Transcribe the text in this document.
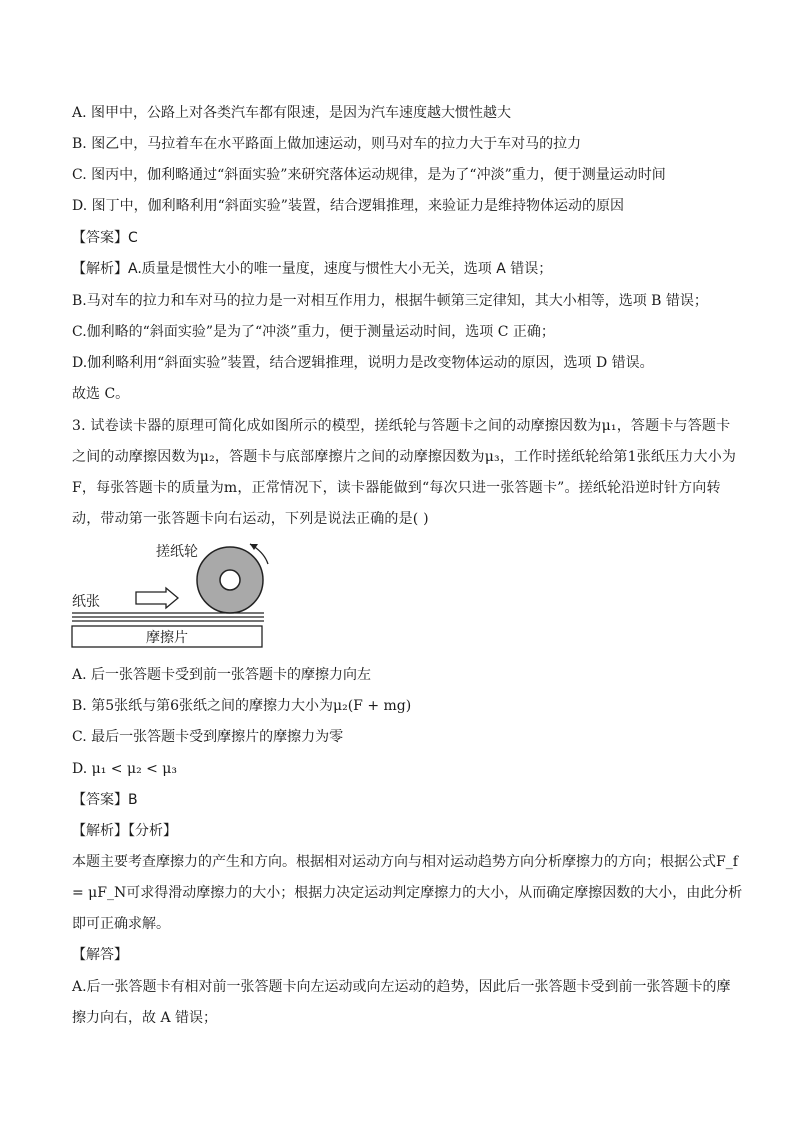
A. 图甲中，公路上对各类汽车都有限速，是因为汽车速度越大惯性越大
B. 图乙中，马拉着车在水平路面上做加速运动，则马对车的拉力大于车对马的拉力
C. 图丙中，伽利略通过“斜面实验”来研究落体运动规律，是为了“冲淡”重力，便于测量运动时间
D. 图丁中，伽利略利用“斜面实验”装置，结合逻辑推理，来验证力是维持物体运动的原因
【答案】C
【解析】A.质量是惯性大小的唯一量度，速度与惯性大小无关，选项 A 错误；
B.马对车的拉力和车对马的拉力是一对相互作用力，根据牛顿第三定律知，其大小相等，选项 B 错误；
C.伽利略的“斜面实验”是为了“冲淡”重力，便于测量运动时间，选项 C 正确；
D.伽利略利用“斜面实验”装置，结合逻辑推理，说明力是改变物体运动的原因，选项 D 错误。
故选 C。
3. 试卷读卡器的原理可简化成如图所示的模型，搓纸轮与答题卡之间的动摩擦因数为μ₁，答题卡与答题卡
之间的动摩擦因数为μ₂，答题卡与底部摩擦片之间的动摩擦因数为μ₃，工作时搓纸轮给第1张纸压力大小为
F，每张答题卡的质量为m，正常情况下，读卡器能做到“每次只进一张答题卡”。搓纸轮沿逆时针方向转
动，带动第一张答题卡向右运动，下列是说法正确的是( )
搓纸轮
纸张
摩擦片
A. 后一张答题卡受到前一张答题卡的摩擦力向左
B. 第5张纸与第6张纸之间的摩擦力大小为μ₂(F + mg)
C. 最后一张答题卡受到摩擦片的摩擦力为零
D. μ₁ < μ₂ < μ₃
【答案】B
【解析】【分析】
本题主要考查摩擦力的产生和方向。根据相对运动方向与相对运动趋势方向分析摩擦力的方向；根据公式F_f
= μF_N可求得滑动摩擦力的大小；根据力决定运动判定摩擦力的大小，从而确定摩擦因数的大小，由此分析
即可正确求解。
【解答】
A.后一张答题卡有相对前一张答题卡向左运动或向左运动的趋势，因此后一张答题卡受到前一张答题卡的摩
擦力向右，故 A 错误；
